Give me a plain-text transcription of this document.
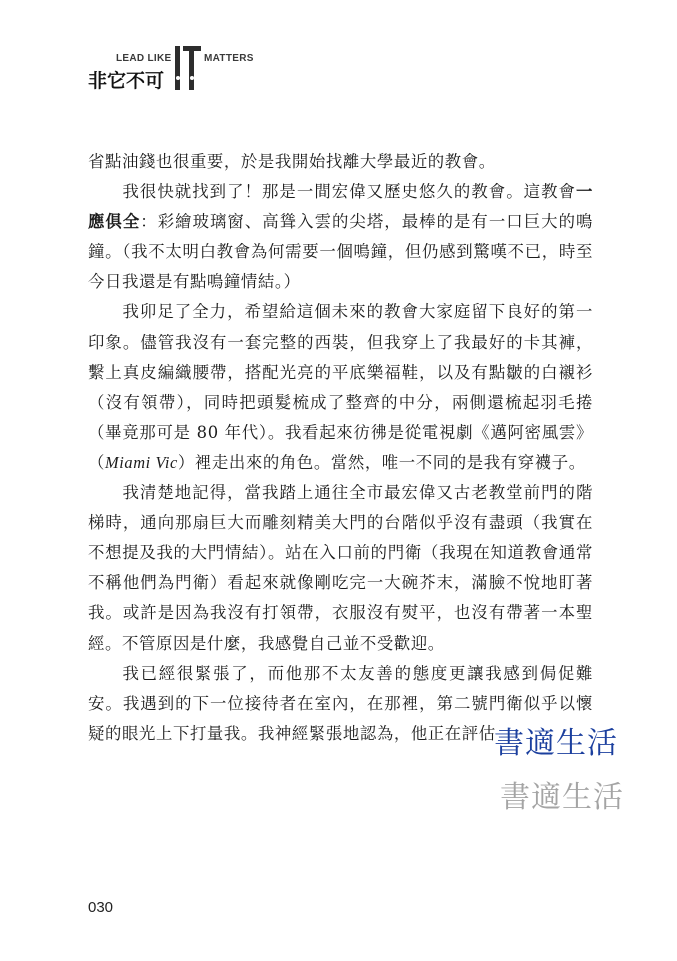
LEAD LIKE	MATTERS
非它不可

省點油錢也很重要，於是我開始找離大學最近的教會。

我很快就找到了！那是一間宏偉又歷史悠久的教會。這教會一應俱全：彩繪玻璃窗、高聳入雲的尖塔，最棒的是有一口巨大的鳴鐘。（我不太明白教會為何需要一個鳴鐘，但仍感到驚嘆不已，時至今日我還是有點鳴鐘情結。）

我卯足了全力，希望給這個未來的教會大家庭留下良好的第一印象。儘管我沒有一套完整的西裝，但我穿上了我最好的卡其褲，繫上真皮編織腰帶，搭配光亮的平底樂福鞋，以及有點皺的白襯衫（沒有領帶），同時把頭髮梳成了整齊的中分，兩側還梳起羽毛捲（畢竟那可是 80 年代）。我看起來彷彿是從電視劇《邁阿密風雲》（Miami Vic）裡走出來的角色。當然，唯一不同的是我有穿襪子。

我清楚地記得，當我踏上通往全市最宏偉又古老教堂前門的階梯時，通向那扇巨大而雕刻精美大門的台階似乎沒有盡頭（我實在不想提及我的大門情結）。站在入口前的門衛（我現在知道教會通常不稱他們為門衛）看起來就像剛吃完一大碗芥末，滿臉不悅地盯著我。或許是因為我沒有打領帶，衣服沒有熨平，也沒有帶著一本聖經。不管原因是什麼，我感覺自己並不受歡迎。

我已經很緊張了，而他那不太友善的態度更讓我感到侷促難安。我遇到的下一位接待者在室內，在那裡，第二號門衛似乎以懷疑的眼光上下打量我。我神經緊張地認為，他正在評估

030
書適生活
書適生活
